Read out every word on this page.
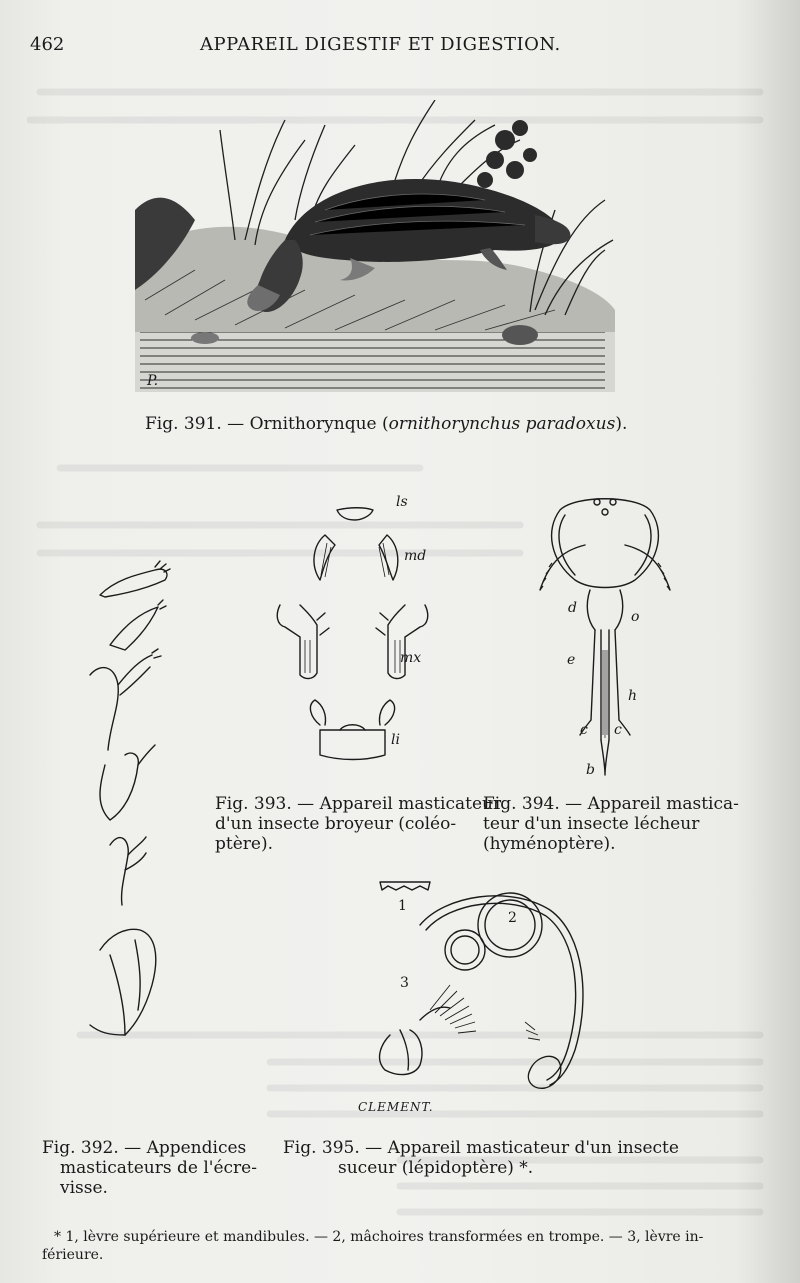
462	APPAREIL DIGESTIF ET DIGESTION.
P.
Fig. 391. — Ornithorynque (ornithorynchus paradoxus).
ls
md
mx
li
d
o
e
h
c c
b
Fig. 393. — Appareil masticateur
d'un insecte broyeur (coléo-
ptère).
Fig. 394. — Appareil mastica-
teur d'un insecte lécheur
(hyménoptère).
1
2
3
CLEMENT.
Fig. 392. — Appendices
masticateurs de l'écre-
visse.
Fig. 395. — Appareil masticateur d'un insecte
suceur (lépidoptère) *.
* 1, lèvre supérieure et mandibules. — 2, mâchoires transformées en trompe. — 3, lèvre in-
férieure.
